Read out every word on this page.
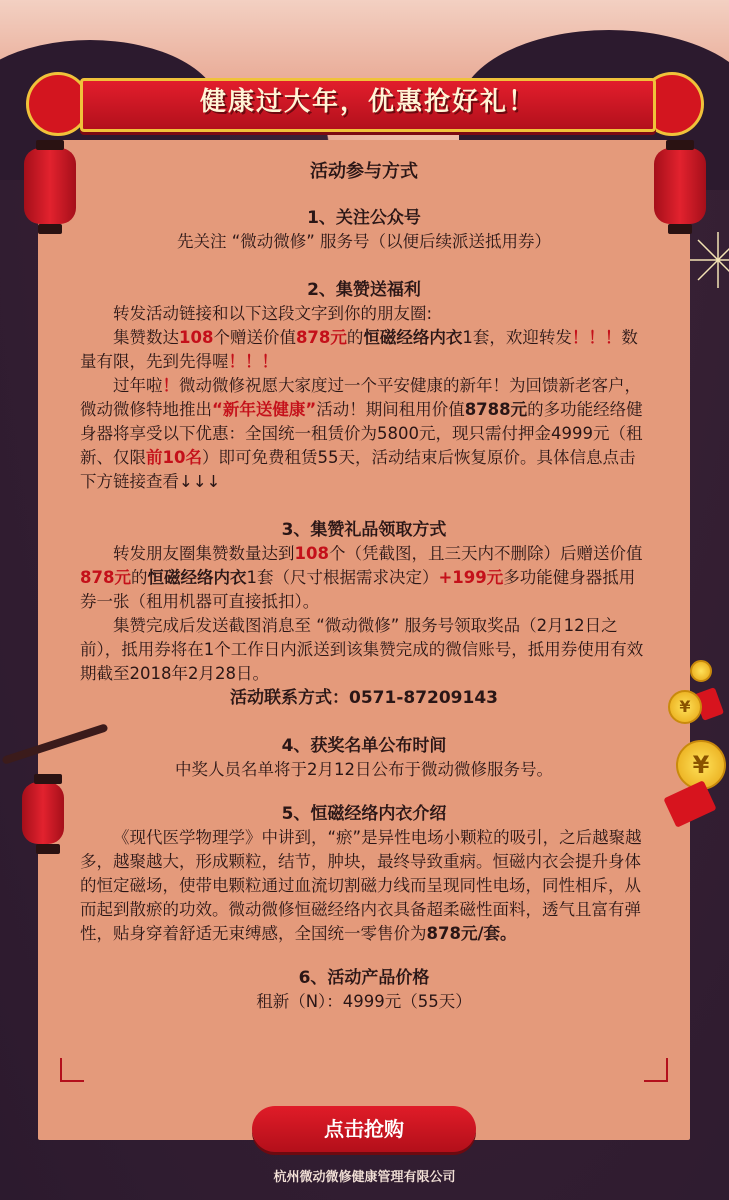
活动参与方式
1、关注公众号
先关注 “微动微修” 服务号（以便后续派送抵用券）
2、集赞送福利
转发活动链接和以下这段文字到你的朋友圈:
集赞数达108个赠送价值878元的恒磁经络内衣1套，欢迎转发！！！数量有限，先到先得喔！！！
过年啦！微动微修祝愿大家度过一个平安健康的新年！为回馈新老客户，微动微修特地推出“新年送健康”活动！期间租用价值8788元的多功能经络健身器将享受以下优惠：全国统一租赁价为5800元，现只需付押金4999元（租新、仅限前10名）即可免费租赁55天，活动结束后恢复原价。具体信息点击下方链接查看↓↓↓
3、集赞礼品领取方式
转发朋友圈集赞数量达到108个（凭截图，且三天内不删除）后赠送价值878元的恒磁经络内衣1套（尺寸根据需求决定）+199元多功能健身器抵用券一张（租用机器可直接抵扣）。
集赞完成后发送截图消息至 “微动微修” 服务号领取奖品（2月12日之前），抵用券将在1个工作日内派送到该集赞完成的微信账号，抵用券使用有效期截至2018年2月28日。
活动联系方式：0571-87209143
4、获奖名单公布时间
中奖人员名单将于2月12日公布于微动微修服务号。
5、恒磁经络内衣介绍
《现代医学物理学》中讲到，“瘀”是异性电场小颗粒的吸引，之后越聚越多，越聚越大，形成颗粒，结节，肿块，最终导致重病。恒磁内衣会提升身体的恒定磁场，使带电颗粒通过血流切割磁力线而呈现同性电场，同性相斥，从而起到散瘀的功效。微动微修恒磁经络内衣具备超柔磁性面料，透气且富有弹性，贴身穿着舒适无束缚感，全国统一零售价为878元/套。
6、活动产品价格
租新（N）：4999元（55天）
健康过大年，优惠抢好礼！
¥
¥
点击抢购
杭州微动微修健康管理有限公司
